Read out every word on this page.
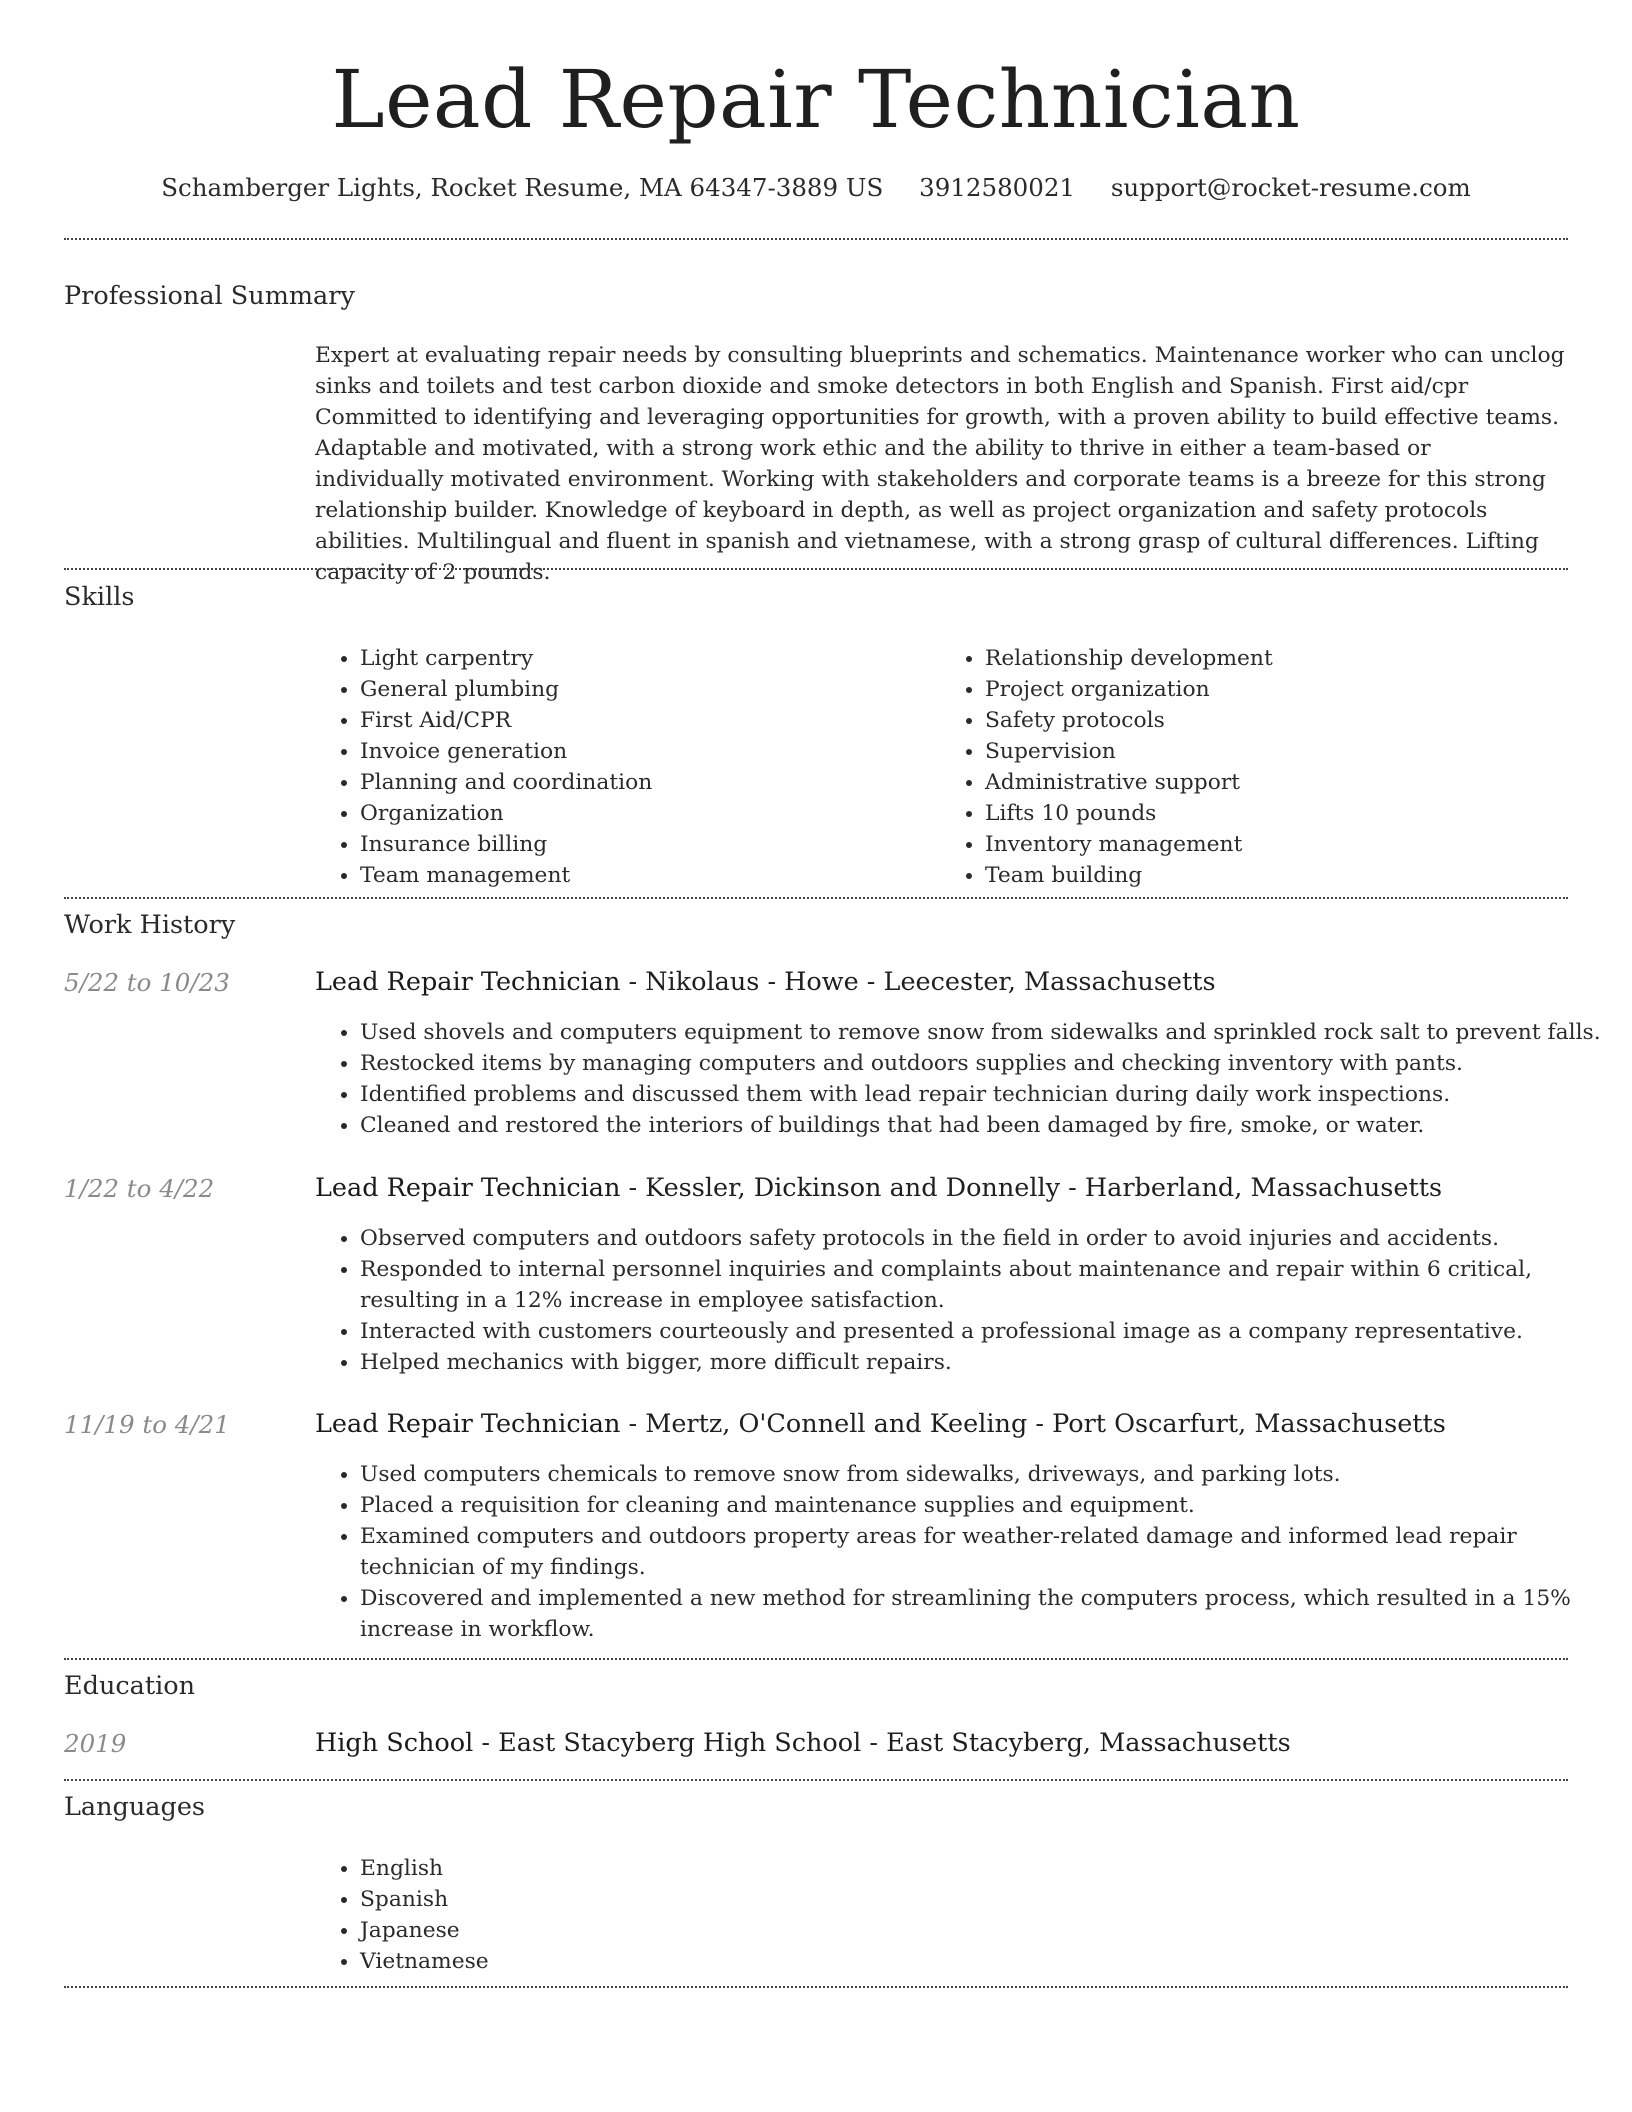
Lead Repair Technician
Schamberger Lights, Rocket Resume, MA 64347-3889 US 3912580021 support@rocket-resume.com
Professional Summary
Expert at evaluating repair needs by consulting blueprints and schematics. Maintenance worker who can unclog sinks and toilets and test carbon dioxide and smoke detectors in both English and Spanish. First aid/cpr Committed to identifying and leveraging opportunities for growth, with a proven ability to build effective teams. Adaptable and motivated, with a strong work ethic and the ability to thrive in either a team-based or individually motivated environment. Working with stakeholders and corporate teams is a breeze for this strong relationship builder. Knowledge of keyboard in depth, as well as project organization and safety protocols abilities. Multilingual and fluent in spanish and vietnamese, with a strong grasp of cultural differences. Lifting capacity of 2 pounds.
Skills
• Light carpentry
• General plumbing
• First Aid/CPR
• Invoice generation
• Planning and coordination
• Organization
• Insurance billing
• Team management
• Relationship development
• Project organization
• Safety protocols
• Supervision
• Administrative support
• Lifts 10 pounds
• Inventory management
• Team building
Work History
5/22 to 10/23	Lead Repair Technician - Nikolaus - Howe - Leecester, Massachusetts
• Used shovels and computers equipment to remove snow from sidewalks and sprinkled rock salt to prevent falls.
• Restocked items by managing computers and outdoors supplies and checking inventory with pants.
• Identified problems and discussed them with lead repair technician during daily work inspections.
• Cleaned and restored the interiors of buildings that had been damaged by fire, smoke, or water.
1/22 to 4/22	Lead Repair Technician - Kessler, Dickinson and Donnelly - Harberland, Massachusetts
• Observed computers and outdoors safety protocols in the field in order to avoid injuries and accidents.
• Responded to internal personnel inquiries and complaints about maintenance and repair within 6 critical, resulting in a 12% increase in employee satisfaction.
• Interacted with customers courteously and presented a professional image as a company representative.
• Helped mechanics with bigger, more difficult repairs.
11/19 to 4/21	Lead Repair Technician - Mertz, O'Connell and Keeling - Port Oscarfurt, Massachusetts
• Used computers chemicals to remove snow from sidewalks, driveways, and parking lots.
• Placed a requisition for cleaning and maintenance supplies and equipment.
• Examined computers and outdoors property areas for weather-related damage and informed lead repair technician of my findings.
• Discovered and implemented a new method for streamlining the computers process, which resulted in a 15% increase in workflow.
Education
2019	High School - East Stacyberg High School - East Stacyberg, Massachusetts
Languages
• English
• Spanish
• Japanese
• Vietnamese
